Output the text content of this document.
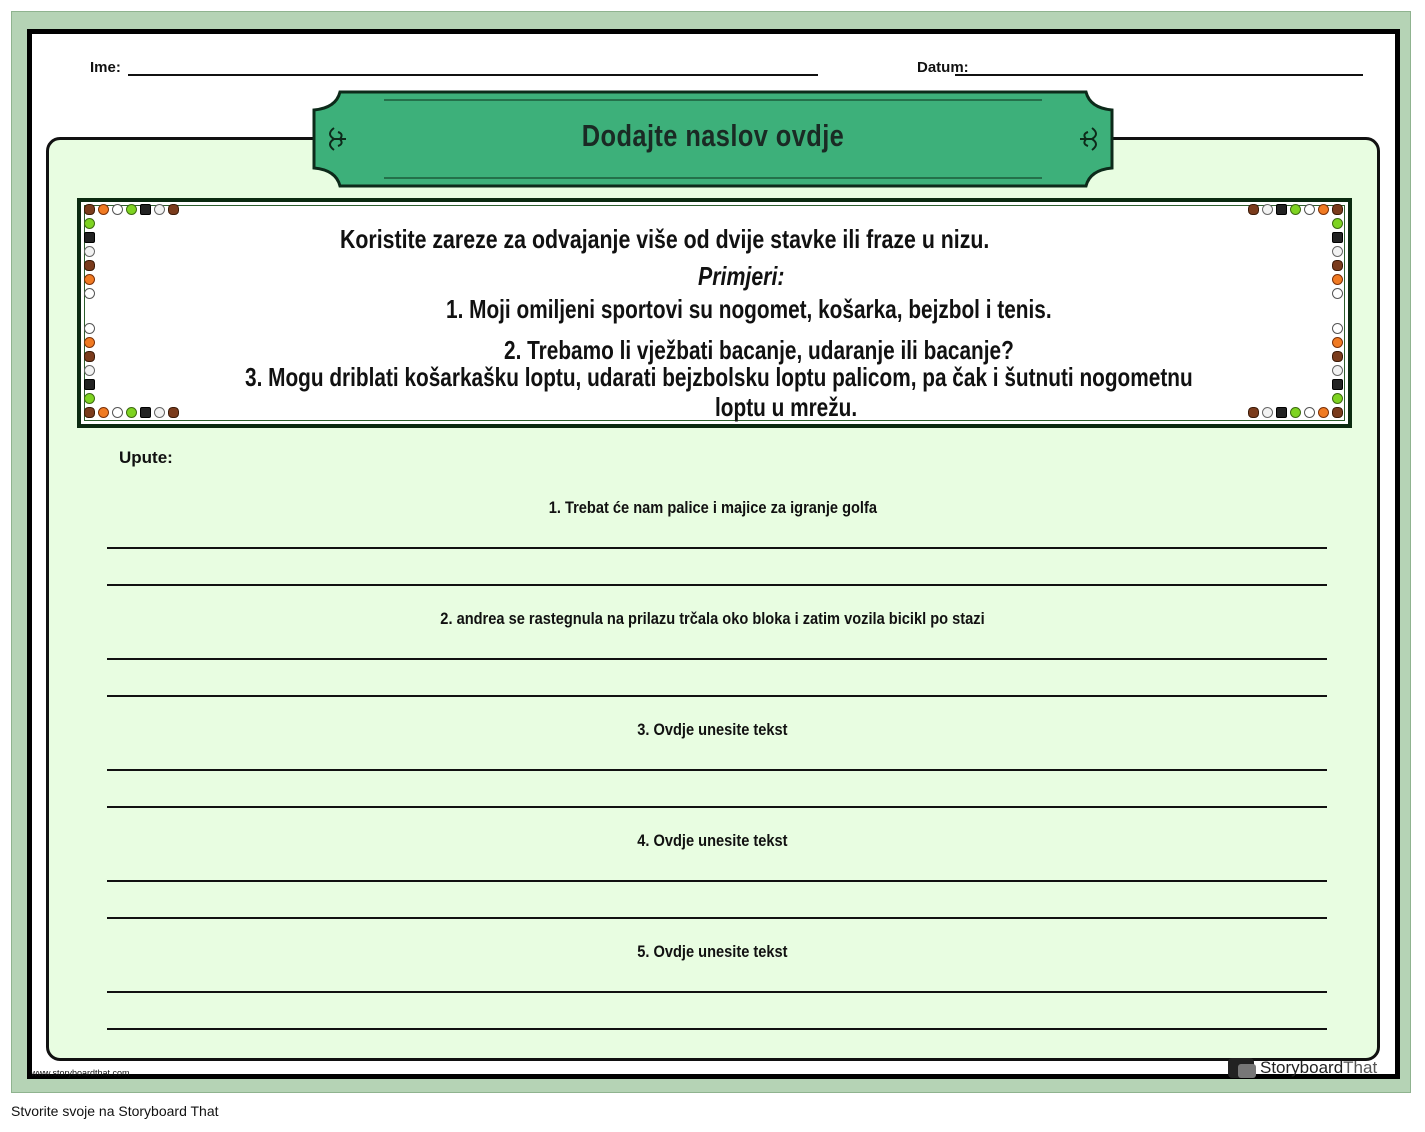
Ime:	Datum:
Dodajte naslov ovdje
Koristite zareze za odvajanje više od dvije stavke ili fraze u nizu.
Primjeri:
1. Moji omiljeni sportovi su nogomet, košarka, bejzbol i tenis.
2. Trebamo li vježbati bacanje, udaranje ili bacanje?
3. Mogu driblati košarkašku loptu, udarati bejzbolsku loptu palicom, pa čak i šutnuti nogometnu
loptu u mrežu.
Upute:
1. Trebat će nam palice i majice za igranje golfa
2. andrea se rastegnula na prilazu trčala oko bloka i zatim vozila bicikl po stazi
3. Ovdje unesite tekst
4. Ovdje unesite tekst
5. Ovdje unesite tekst
www.storyboardthat.com	StoryboardThat
Stvorite svoje na Storyboard That
